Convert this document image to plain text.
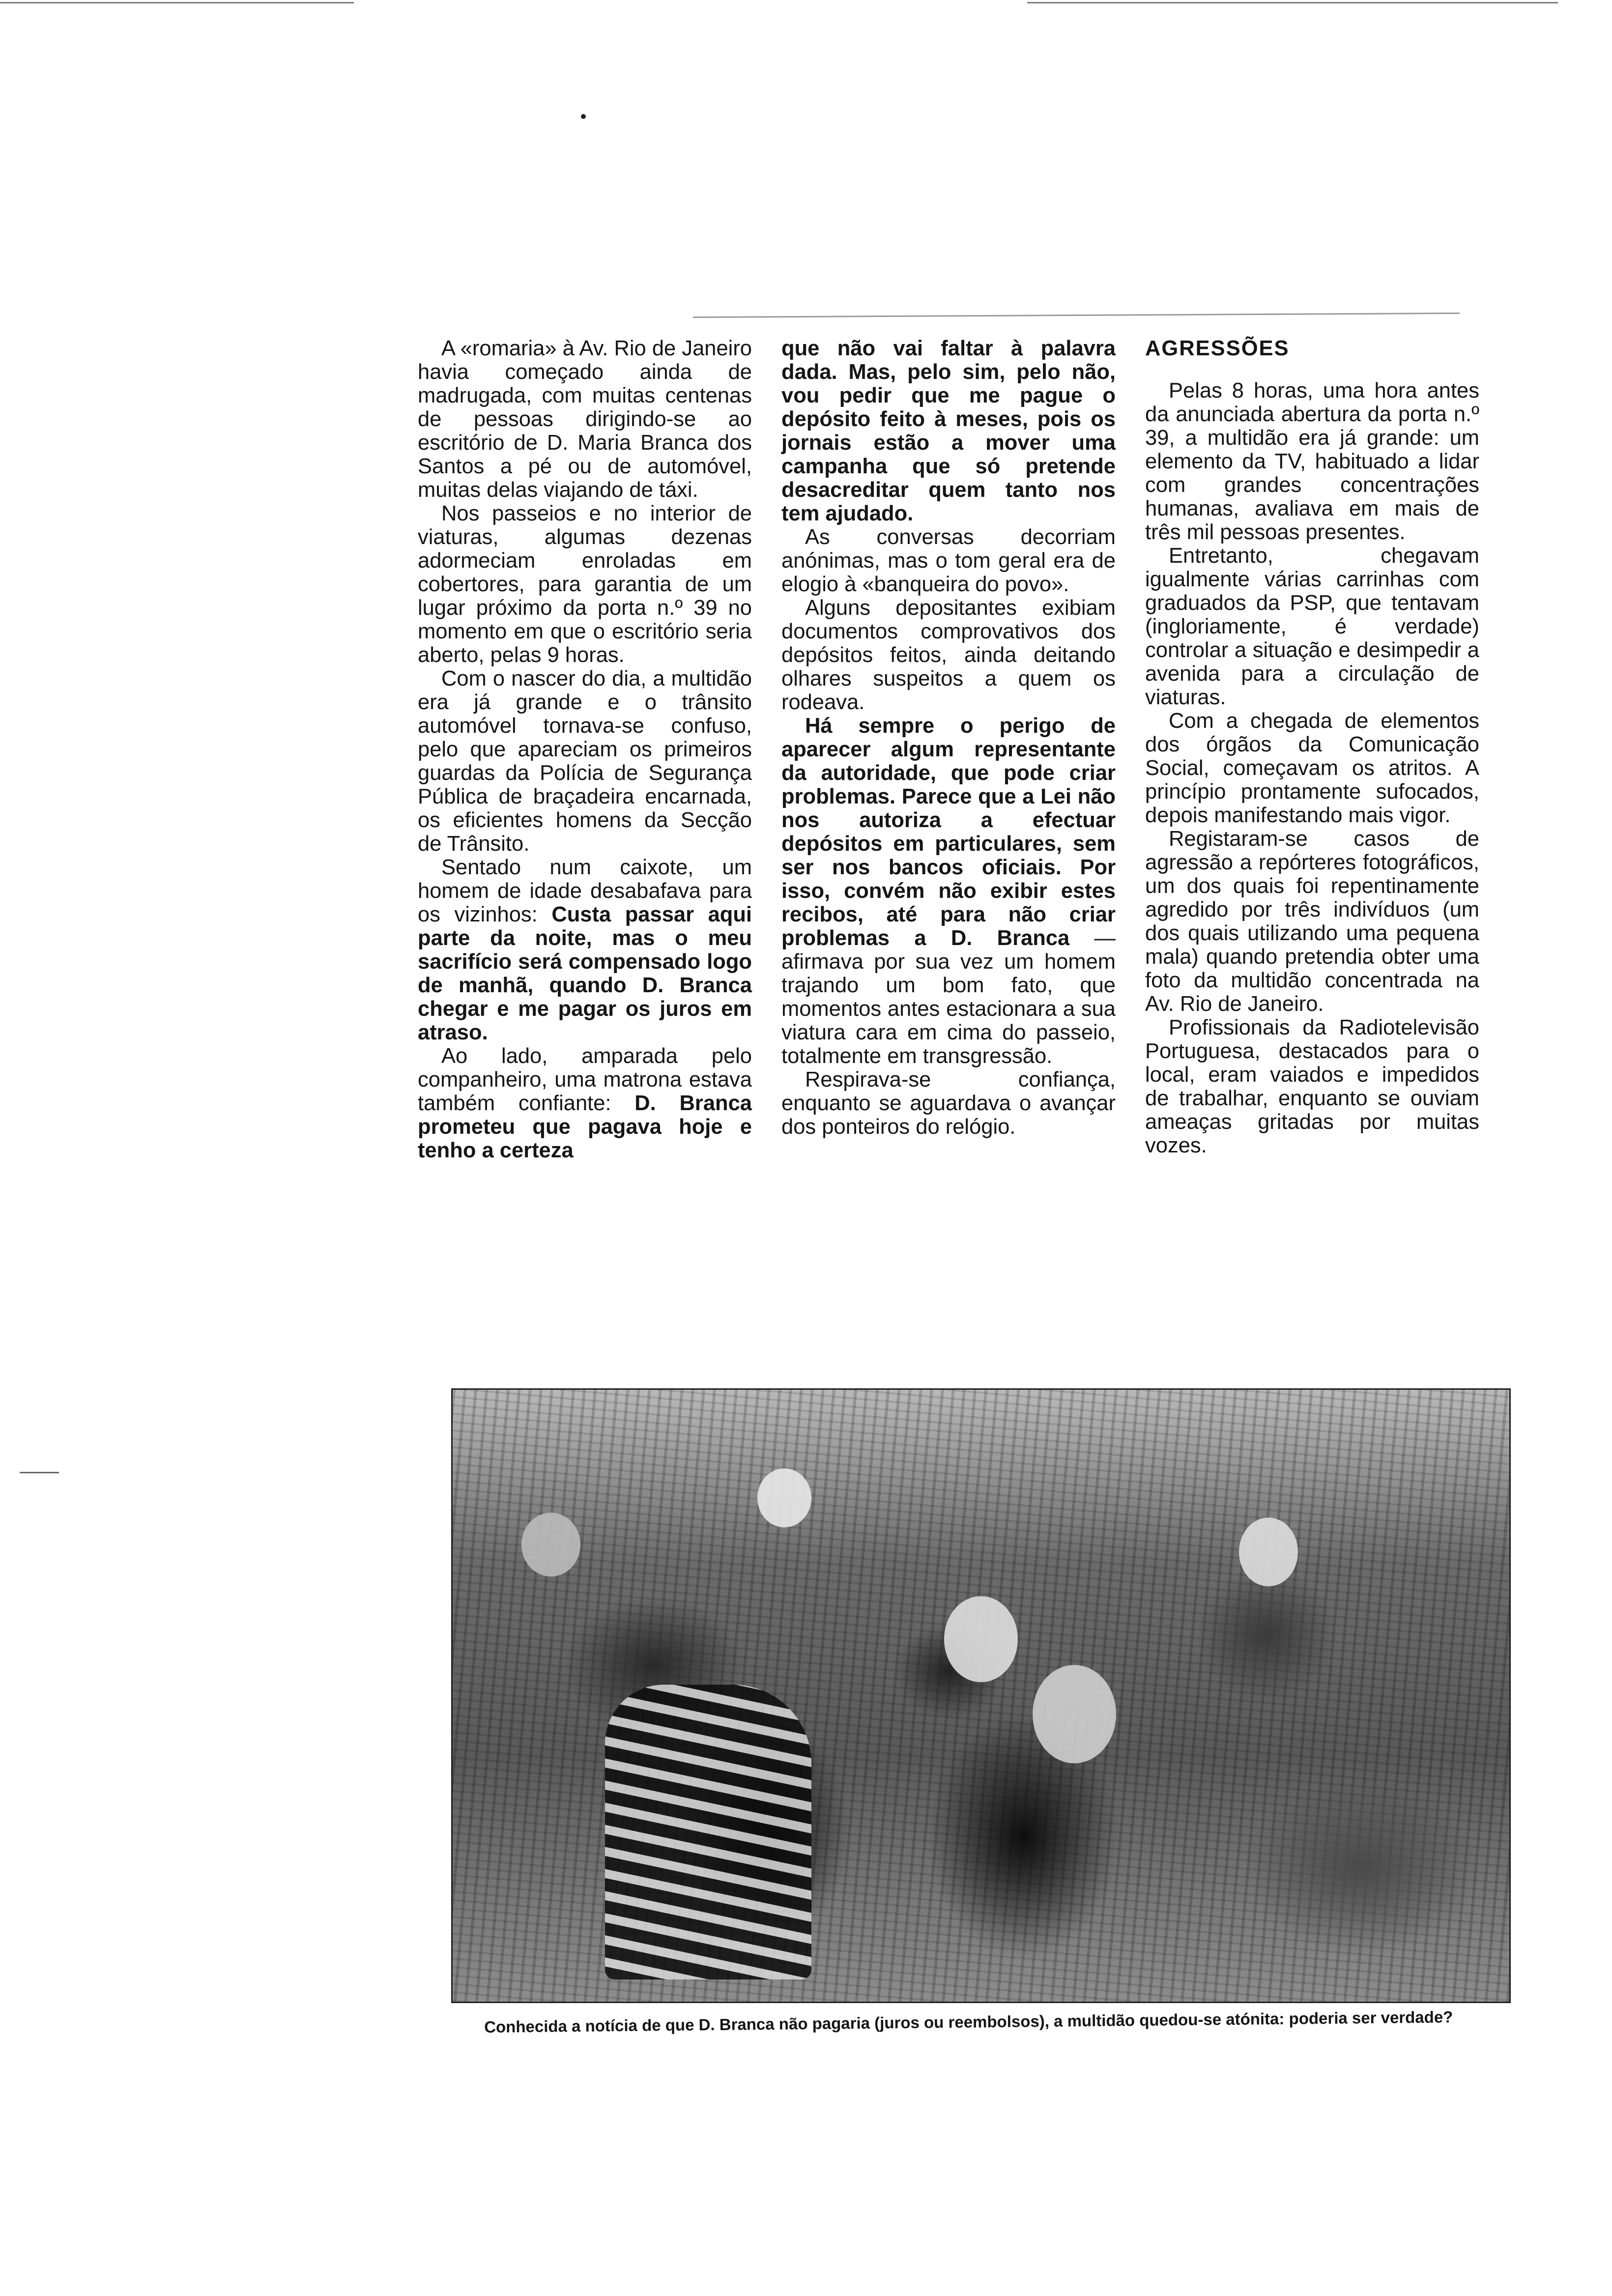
A «romaria» à Av. Rio de Janeiro havia começado ainda de madrugada, com muitas centenas de pessoas dirigindo-se ao escritório de D. Maria Branca dos Santos a pé ou de automóvel, muitas delas viajando de táxi.

Nos passeios e no interior de viaturas, algumas dezenas adormeciam enroladas em cobertores, para garantia de um lugar próximo da porta n.º 39 no momento em que o escritório seria aberto, pelas 9 horas.

Com o nascer do dia, a multidão era já grande e o trânsito automóvel tornava-se confuso, pelo que apareciam os primeiros guardas da Polícia de Segurança Pública de braçadeira encarnada, os eficientes homens da Secção de Trânsito.

Sentado num caixote, um homem de idade desabafava para os vizinhos: Custa passar aqui parte da noite, mas o meu sacrifício será compensado logo de manhã, quando D. Branca chegar e me pagar os juros em atraso.

Ao lado, amparada pelo companheiro, uma matrona estava também confiante: D. Branca prometeu que pagava hoje e tenho a certeza

que não vai faltar à palavra dada. Mas, pelo sim, pelo não, vou pedir que me pague o depósito feito à meses, pois os jornais estão a mover uma campanha que só pretende desacreditar quem tanto nos tem ajudado.

As conversas decorriam anónimas, mas o tom geral era de elogio à «banqueira do povo».

Alguns depositantes exibiam documentos comprovativos dos depósitos feitos, ainda deitando olhares suspeitos a quem os rodeava.

Há sempre o perigo de aparecer algum representante da autoridade, que pode criar problemas. Parece que a Lei não nos autoriza a efectuar depósitos em particulares, sem ser nos bancos oficiais. Por isso, convém não exibir estes recibos, até para não criar problemas a D. Branca — afirmava por sua vez um homem trajando um bom fato, que momentos antes estacionara a sua viatura cara em cima do passeio, totalmente em transgressão.

Respirava-se confiança, enquanto se aguardava o avançar dos ponteiros do relógio.

AGRESSÕES

Pelas 8 horas, uma hora antes da anunciada abertura da porta n.º 39, a multidão era já grande: um elemento da TV, habituado a lidar com grandes concentrações humanas, avaliava em mais de três mil pessoas presentes.

Entretanto, chegavam igualmente várias carrinhas com graduados da PSP, que tentavam (ingloriamente, é verdade) controlar a situação e desimpedir a avenida para a circulação de viaturas.

Com a chegada de elementos dos órgãos da Comunicação Social, começavam os atritos. A princípio prontamente sufocados, depois manifestando mais vigor.

Registaram-se casos de agressão a repórteres fotográficos, um dos quais foi repentinamente agredido por três indivíduos (um dos quais utilizando uma pequena mala) quando pretendia obter uma foto da multidão concentrada na Av. Rio de Janeiro.

Profissionais da Radiotelevisão Portuguesa, destacados para o local, eram vaiados e impedidos de trabalhar, enquanto se ouviam ameaças gritadas por muitas vozes.

Conhecida a notícia de que D. Branca não pagaria (juros ou reembolsos), a multidão quedou-se atónita: poderia ser verdade?
